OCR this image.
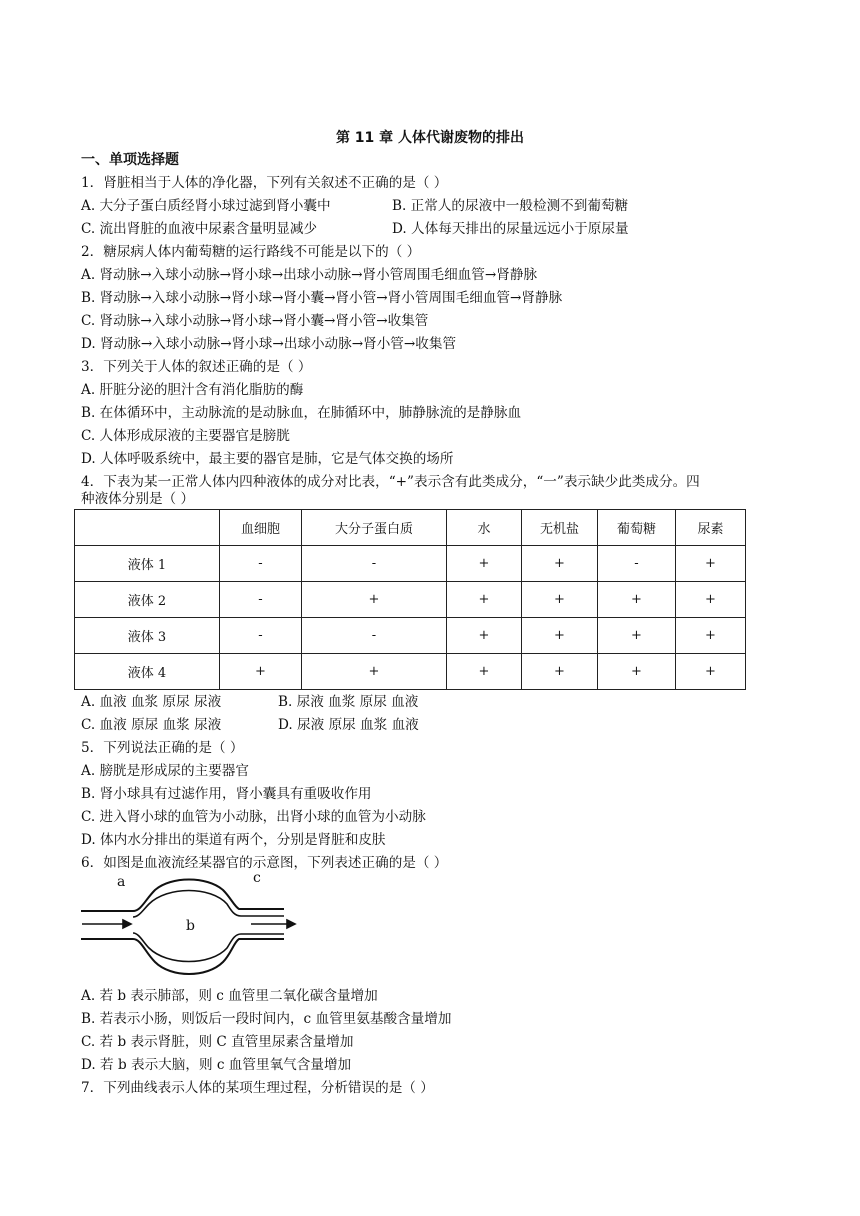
第 11 章 人体代谢废物的排出
一、单项选择题
1．肾脏相当于人体的净化器，下列有关叙述不正确的是（ ）
A. 大分子蛋白质经肾小球过滤到肾小囊中	B. 正常人的尿液中一般检测不到葡萄糖
C. 流出肾脏的血液中尿素含量明显减少	D. 人体每天排出的尿量远远小于原尿量
2．糖尿病人体内葡萄糖的运行路线不可能是以下的（ ）
A. 肾动脉→入球小动脉→肾小球→出球小动脉→肾小管周围毛细血管→肾静脉
B. 肾动脉→入球小动脉→肾小球→肾小囊→肾小管→肾小管周围毛细血管→肾静脉
C. 肾动脉→入球小动脉→肾小球→肾小囊→肾小管→收集管
D. 肾动脉→入球小动脉→肾小球→出球小动脉→肾小管→收集管
3．下列关于人体的叙述正确的是（ ）
A. 肝脏分泌的胆汁含有消化脂肪的酶
B. 在体循环中，主动脉流的是动脉血，在肺循环中，肺静脉流的是静脉血
C. 人体形成尿液的主要器官是膀胱
D. 人体呼吸系统中，最主要的器官是肺，它是气体交换的场所
4．下表为某一正常人体内四种液体的成分对比表，“+”表示含有此类成分，“一”表示缺少此类成分。四
种液体分别是（ ）
	血细胞	大分子蛋白质	水	无机盐	葡萄糖	尿素
液体 1	-	-	+	+	-	+
液体 2	-	+	+	+	+	+
液体 3	-	-	+	+	+	+
液体 4	+	+	+	+	+	+
A. 血液 血浆 原尿 尿液	B. 尿液 血浆 原尿 血液
C. 血液 原尿 血浆 尿液	D. 尿液 原尿 血浆 血液
5．下列说法正确的是（ ）
A. 膀胱是形成尿的主要器官
B. 肾小球具有过滤作用，肾小囊具有重吸收作用
C. 进入肾小球的血管为小动脉，出肾小球的血管为小动脉
D. 体内水分排出的渠道有两个，分别是肾脏和皮肤
6．如图是血液流经某器官的示意图，下列表述正确的是（ ）
a
b
c
A. 若 b 表示肺部，则 c 血管里二氧化碳含量增加
B. 若表示小肠，则饭后一段时间内，c 血管里氨基酸含量增加
C. 若 b 表示肾脏，则 C 直管里尿素含量增加
D. 若 b 表示大脑，则 c 血管里氧气含量增加
7．下列曲线表示人体的某项生理过程，分析错误的是（ ）
